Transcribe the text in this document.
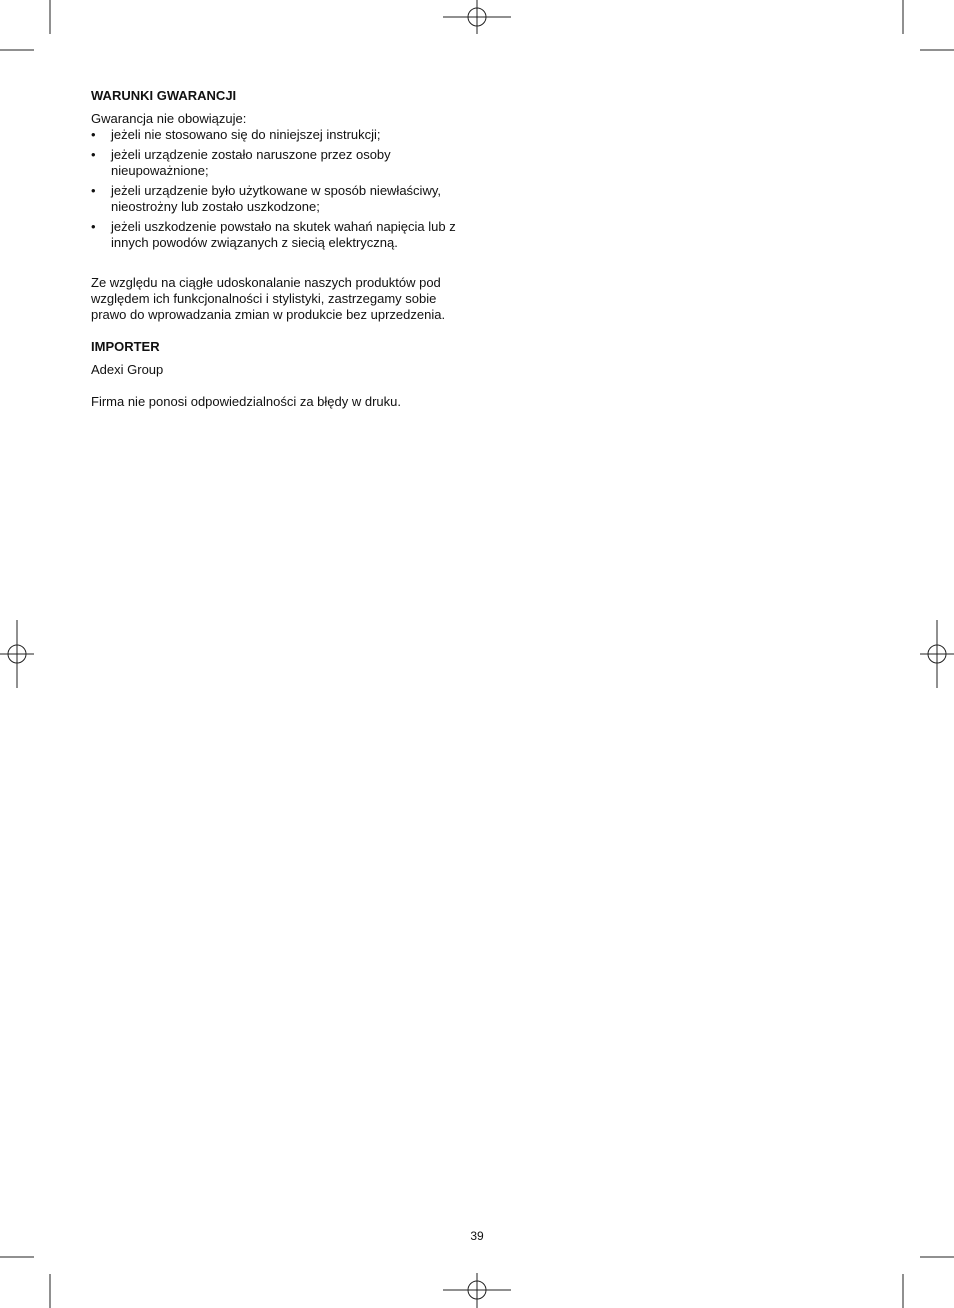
WARUNKI GWARANCJI

Gwarancja nie obowiązuje:

• jeżeli nie stosowano się do niniejszej instrukcji;
• jeżeli urządzenie zostało naruszone przez osoby nieupoważnione;
• jeżeli urządzenie było użytkowane w sposób niewłaściwy, nieostrożny lub zostało uszkodzone;
• jeżeli uszkodzenie powstało na skutek wahań napięcia lub z innych powodów związanych z siecią elektryczną.

Ze względu na ciągłe udoskonalanie naszych produktów pod względem ich funkcjonalności i stylistyki, zastrzegamy sobie prawo do wprowadzania zmian w produkcie bez uprzedzenia.

IMPORTER

Adexi Group

Firma nie ponosi odpowiedzialności za błędy w druku.

39
